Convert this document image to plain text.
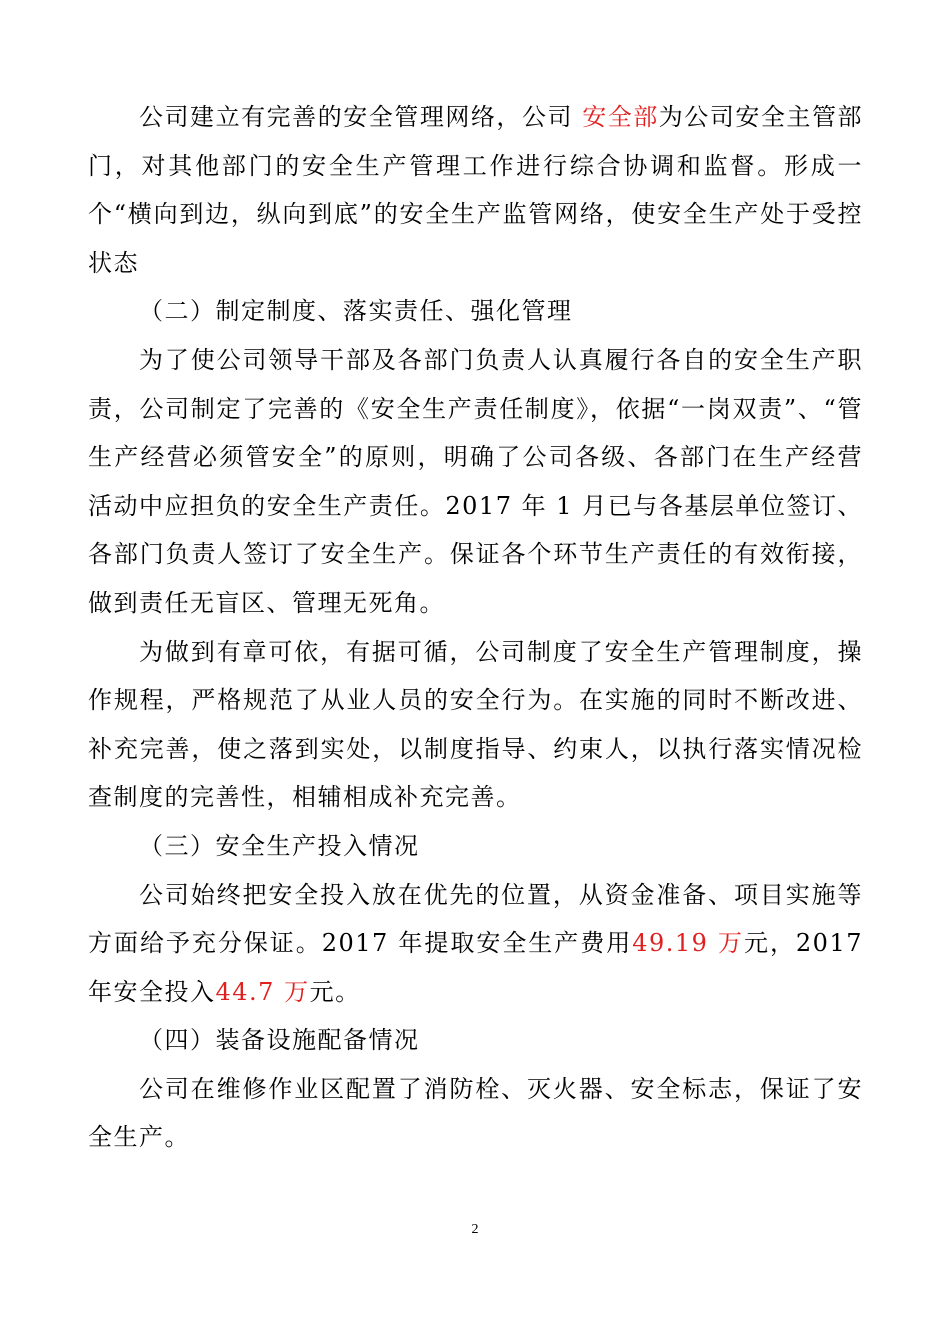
公司建立有完善的安全管理网络，公司 安全部为公司安全主管部门，对其他部门的安全生产管理工作进行综合协调和监督。形成一个“横向到边，纵向到底”的安全生产监管网络，使安全生产处于受控状态

（二）制定制度、落实责任、强化管理

为了使公司领导干部及各部门负责人认真履行各自的安全生产职责，公司制定了完善的《安全生产责任制度》，依据“一岗双责”、“管生产经营必须管安全”的原则，明确了公司各级、各部门在生产经营活动中应担负的安全生产责任。2017 年 1 月已与各基层单位签订、各部门负责人签订了安全生产。保证各个环节生产责任的有效衔接，做到责任无盲区、管理无死角。

为做到有章可依，有据可循，公司制度了安全生产管理制度，操作规程，严格规范了从业人员的安全行为。在实施的同时不断改进、补充完善，使之落到实处，以制度指导、约束人，以执行落实情况检查制度的完善性，相辅相成补充完善。

（三）安全生产投入情况

公司始终把安全投入放在优先的位置，从资金准备、项目实施等方面给予充分保证。2017 年提取安全生产费用49.19 万元，2017 年安全投入44.7 万元。

（四）装备设施配备情况

公司在维修作业区配置了消防栓、灭火器、安全标志，保证了安全生产。

2
